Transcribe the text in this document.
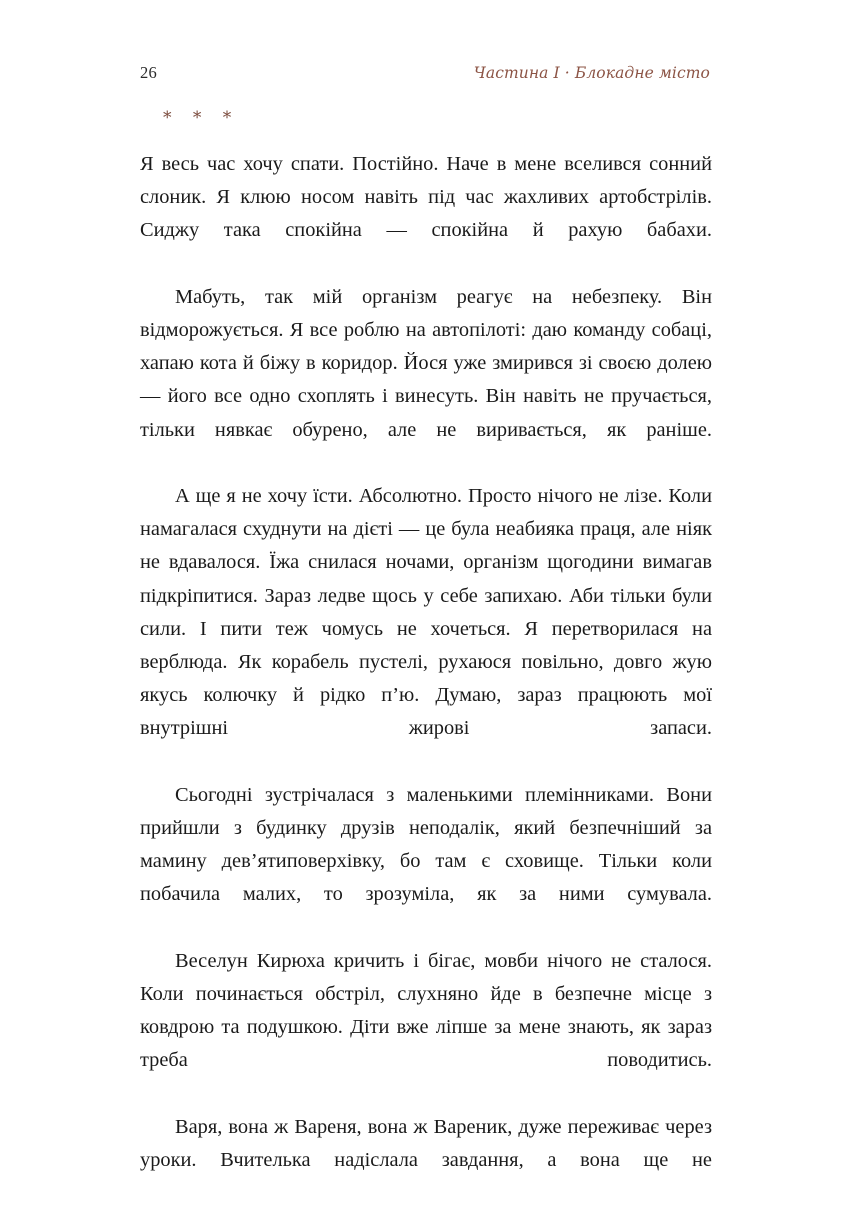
26	Частина I · Блокадне місто
* * *

Я весь час хочу спати. Постійно. Наче в мене вселився сонний слоник. Я клюю носом навіть під час жахливих артобстрілів. Сиджу така спокійна — спокійна й рахую бабахи.

Мабуть, так мій організм реагує на небезпеку. Він відморожується. Я все роблю на автопілоті: даю команду собаці, хапаю кота й біжу в коридор. Йося уже змирився зі своєю долею — його все одно схоплять і винесуть. Він навіть не пручається, тільки нявкає обурено, але не виривається, як раніше.

А ще я не хочу їсти. Абсолютно. Просто нічого не лізе. Коли намагалася схуднути на дієті — це була неабияка праця, але ніяк не вдавалося. Їжа снилася ночами, організм щогодини вимагав підкріпитися. Зараз ледве щось у себе запихаю. Аби тільки були сили. І пити теж чомусь не хочеться. Я перетворилася на верблюда. Як корабель пустелі, рухаюся повільно, довго жую якусь колючку й рідко п’ю. Думаю, зараз працюють мої внутрішні жирові запаси.

Сьогодні зустрічалася з маленькими племінниками. Вони прийшли з будинку друзів неподалік, який безпечніший за мамину дев’ятиповерхівку, бо там є сховище. Тільки коли побачила малих, то зрозуміла, як за ними сумувала.

Веселун Кирюха кричить і бігає, мовби нічого не сталося. Коли починається обстріл, слухняно йде в безпечне місце з ковдрою та подушкою. Діти вже ліпше за мене знають, як зараз треба поводитись.

Варя, вона ж Вареня, вона ж Вареник, дуже переживає через уроки. Вчителька надіслала завдання, а вона ще не
